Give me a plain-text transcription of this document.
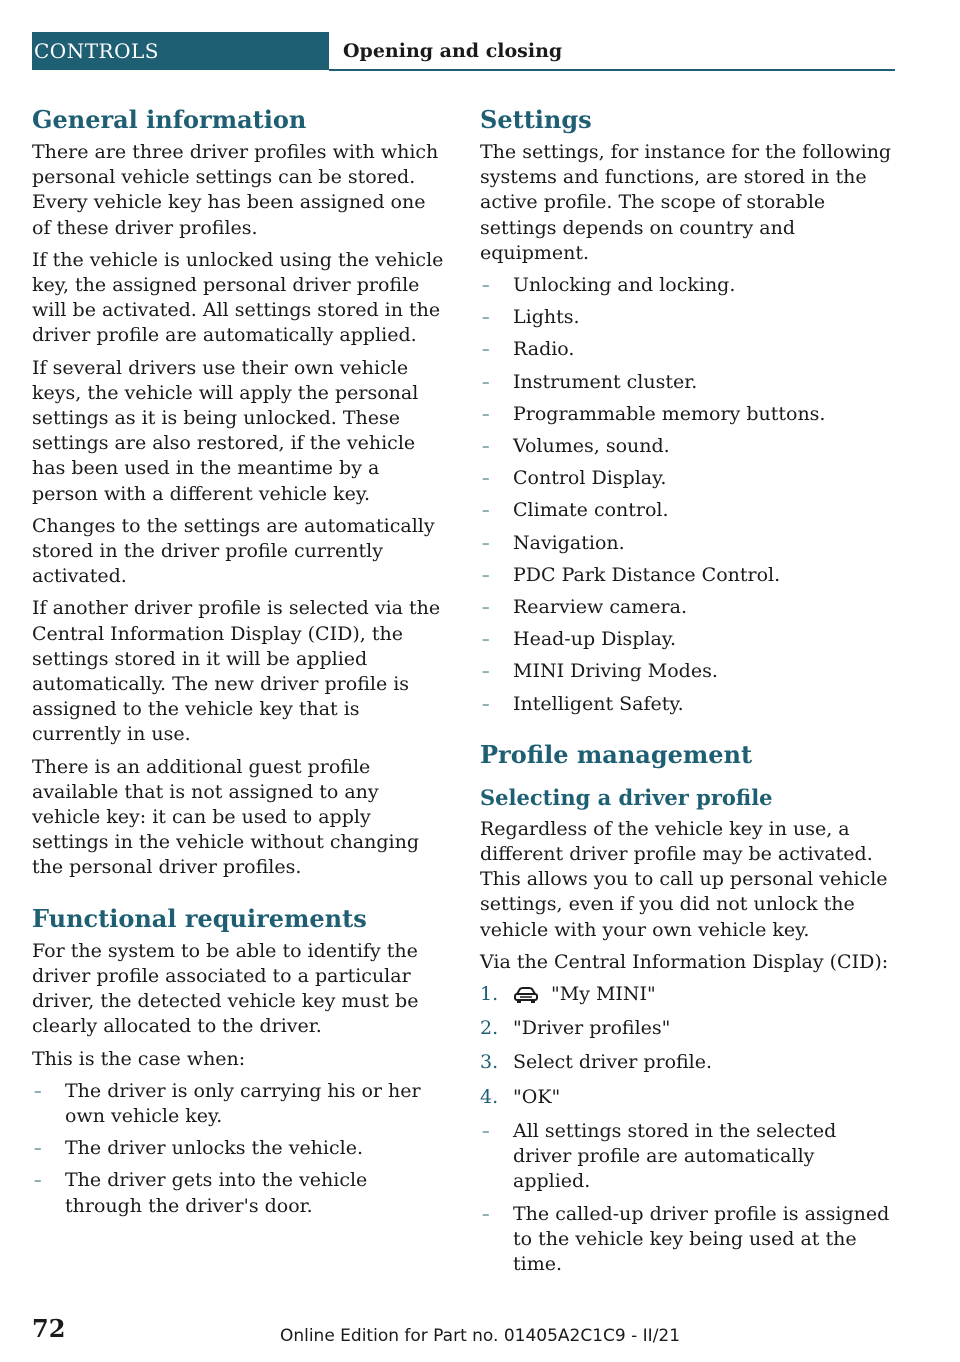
CONTROLS	Opening and closing
General information

There are three driver profiles with which personal vehicle settings can be stored. Every vehicle key has been assigned one of these driver profiles.

If the vehicle is unlocked using the vehicle key, the assigned personal driver profile will be activated. All settings stored in the driver profile are automatically applied.

If several drivers use their own vehicle keys, the vehicle will apply the personal settings as it is being unlocked. These settings are also restored, if the vehicle has been used in the meantime by a person with a different vehicle key.

Changes to the settings are automatically stored in the driver profile currently activated.

If another driver profile is selected via the Central Information Display (CID), the settings stored in it will be applied automatically. The new driver profile is assigned to the vehicle key that is currently in use.

There is an additional guest profile available that is not assigned to any vehicle key: it can be used to apply settings in the vehicle without changing the personal driver profiles.

Functional requirements

For the system to be able to identify the driver profile associated to a particular driver, the detected vehicle key must be clearly allocated to the driver.

This is the case when:

– The driver is only carrying his or her own vehicle key.
– The driver unlocks the vehicle.
– The driver gets into the vehicle through the driver's door.
Settings

The settings, for instance for the following systems and functions, are stored in the active profile. The scope of storable settings depends on country and equipment.

– Unlocking and locking.
– Lights.
– Radio.
– Instrument cluster.
– Programmable memory buttons.
– Volumes, sound.
– Control Display.
– Climate control.
– Navigation.
– PDC Park Distance Control.
– Rearview camera.
– Head-up Display.
– MINI Driving Modes.
– Intelligent Safety.
Profile management
Selecting a driver profile

Regardless of the vehicle key in use, a different driver profile may be activated. This allows you to call up personal vehicle settings, even if you did not unlock the vehicle with your own vehicle key.

Via the Central Information Display (CID):

1.	"My MINI"
2. "Driver profiles"
3. Select driver profile.
4. "OK"
– All settings stored in the selected driver profile are automatically applied.
– The called-up driver profile is assigned to the vehicle key being used at the time.
72	Online Edition for Part no. 01405A2C1C9 - II/21
